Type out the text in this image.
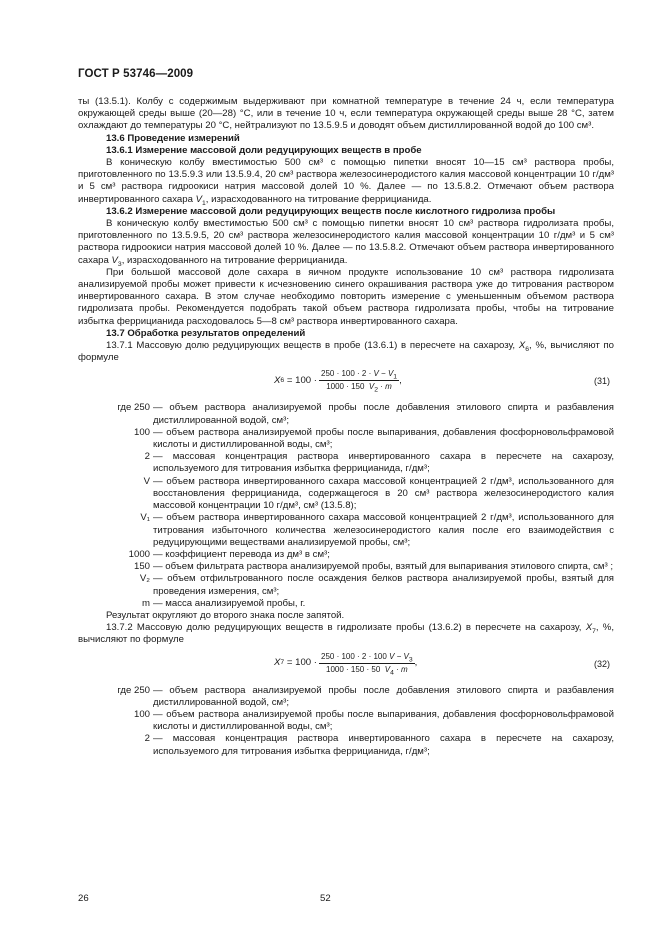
ГОСТ Р 53746—2009

ты (13.5.1). Колбу с содержимым выдерживают при комнатной температуре в течение 24 ч, если температура окружающей среды выше (20—28) °С, или в течение 10 ч, если температура окружающей среды выше 28 °С, затем охлаждают до температуры 20 °С, нейтрализуют по 13.5.9.5 и доводят объем дистиллированной водой до 100 см³.

13.6 Проведение измерений

13.6.1 Измерение массовой доли редуцирующих веществ в пробе

В коническую колбу вместимостью 500 см³ с помощью пипетки вносят 10—15 см³ раствора пробы, приготовленного по 13.5.9.3 или 13.5.9.4, 20 см³ раствора железосинеродистого калия массовой концентрации 10 г/дм³ и 5 см³ раствора гидроокиси натрия массовой долей 10 %. Далее — по 13.5.8.2. Отмечают объем раствора инвертированного сахара $V_1$, израсходованного на титрование феррицианида.

13.6.2 Измерение массовой доли редуцирующих веществ после кислотного гидролиза пробы

В коническую колбу вместимостью 500 см³ с помощью пипетки вносят 10 см³ раствора гидролизата пробы, приготовленного по 13.5.9.5, 20 см³ раствора железосинеродистого калия массовой концентрации 10 г/дм³ и 5 см³ раствора гидроокиси натрия массовой долей 10 %. Далее — по 13.5.8.2. Отмечают объем раствора инвертированного сахара $V_3$, израсходованного на титрование феррицианида.

При большой массовой доле сахара в яичном продукте использование 10 см³ раствора гидролизата анализируемой пробы может привести к исчезновению синего окрашивания раствора уже до титрования раствором инвертированного сахара. В этом случае необходимо повторить измерение с уменьшенным объемом раствора гидролизата пробы. Рекомендуется подобрать такой объем раствора гидролизата пробы, чтобы на титрование избытка феррицианида расходовалось 5—8 см³ раствора инвертированного сахара.

13.7 Обработка результатов определений

13.7.1 Массовую долю редуцирующих веществ в пробе (13.6.1) в пересчете на сахарозу, $X_6$, %, вычисляют по формуле

X 6
= $100 \cdot \frac{250 \cdot 100 \cdot 2 \cdot V - V_1}{1000 \cdot 150 V_2 \cdot m}$ ,	(31)
где 250 — объем раствора анализируемой пробы после добавления этилового спирта и разбавления дистиллированной водой, см³;
100 — объем раствора анализируемой пробы после выпаривания, добавления фосфорновольфрамовой кислоты и дистиллированной воды, см³;
2 — массовая концентрация раствора инвертированного сахара в пересчете на сахарозу, используемого для титрования избытка феррицианида, г/дм³;
V — объем раствора инвертированного сахара массовой концентрацией 2 г/дм³, использованного для восстановления феррицианида, содержащегося в 20 см³ раствора железосинеродистого калия массовой концентрации 10 г/дм³, см³ (13.5.8);
V₁ — объем раствора инвертированного сахара массовой концентрацией 2 г/дм³, использованного для титрования избыточного количества железосинеродистого калия после его взаимодействия с редуцирующими веществами анализируемой пробы, см³;
1000 — коэффициент перевода из дм³ в см³;
150 — объем фильтрата раствора анализируемой пробы, взятый для выпаривания этилового спирта, см³ ;
V₂ — объем отфильтрованного после осаждения белков раствора анализируемой пробы, взятый для проведения измерения, см³;
m — масса анализируемой пробы, г.

Результат округляют до второго знака после запятой.

13.7.2 Массовую долю редуцирующих веществ в гидролизате пробы (13.6.2) в пересчете на сахарозу, $X_7$, %, вычисляют по формуле

X 7
= $100 \cdot \frac{250 \cdot 100 \cdot 2 \cdot 100 V - V_3}{1000 \cdot 150 \cdot 50 V_4 \cdot m}$ ,	(32)
где 250 — объем раствора анализируемой пробы после добавления этилового спирта и разбавления дистиллированной водой, см³;
100 — объем раствора анализируемой пробы после выпаривания, добавления фосфорновольфрамовой кислоты и дистиллированной воды, см³;
2 — массовая концентрация раствора инвертированного сахара в пересчете на сахарозу, используемого для титрования избытка феррицианида, г/дм³;
26	52
